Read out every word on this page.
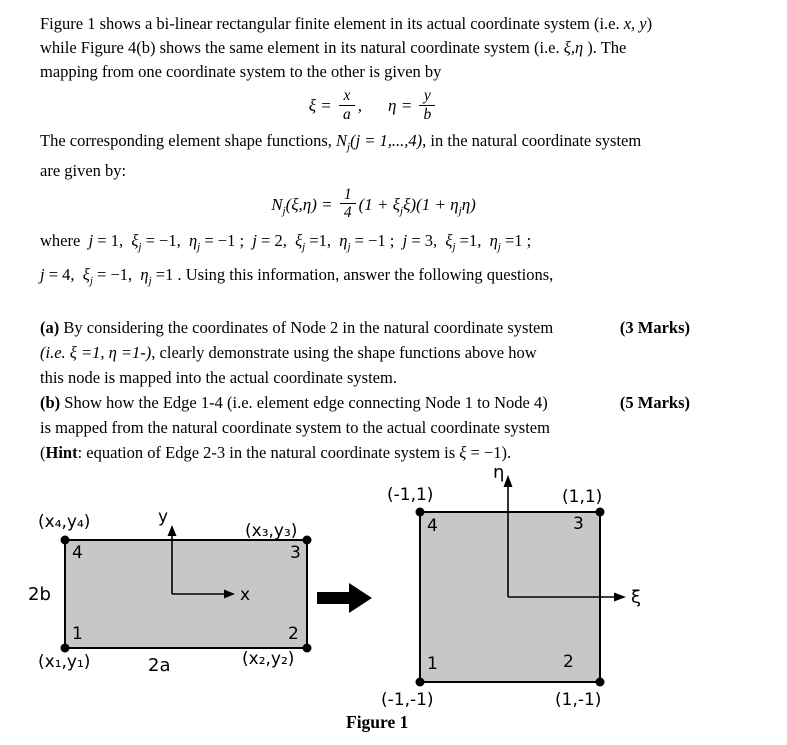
Figure 1 shows a bi-linear rectangular finite element in its actual coordinate system (i.e. x, y)
while Figure 4(b) shows the same element in its natural coordinate system (i.e. ξ,η ). The
mapping from one coordinate system to the other is given by
$\xi = \frac{x}{a}$ , $\eta = \frac{y}{b}$
The corresponding element shape functions, $N_j(j = 1,...,4)$, in the natural coordinate system
are given by:
$N_j(\xi,\eta) = \frac{1}{4} (1 + \xi_j\xi)(1 + \eta_j\eta)$
where  j = 1,  $\xi_j = -1$,  $\eta_j = -1$ ;  j = 2,  $\xi_j =1$,  $\eta_j = -1$ ;  j = 3,  $\xi_j =1$,  $\eta_j =1$ ;
j = 4,  $\xi_j = -1$,  $\eta_j =1$ . Using this information, answer the following questions,
(a) By considering the coordinates of Node 2 in the natural coordinate system	(3 Marks)
(i.e. ξ =1, η =1-), clearly demonstrate using the shape functions above how
this node is mapped into the actual coordinate system.
(b) Show how the Edge 1-4 (i.e. element edge connecting Node 1 to Node 4)	(5 Marks)
is mapped from the natural coordinate system to the actual coordinate system
(Hint: equation of Edge 2-3 in the natural coordinate system is ξ = −1).
y
x
4	3
1	2
(x₄,y₄)	(x₃,y₃)
(x₁,y₁)	(x₂,y₂)
2b
2a
η
ξ
4	3
1	2
(-1,1)	(1,1)
(-1,-1)	(1,-1)
Figure 1
